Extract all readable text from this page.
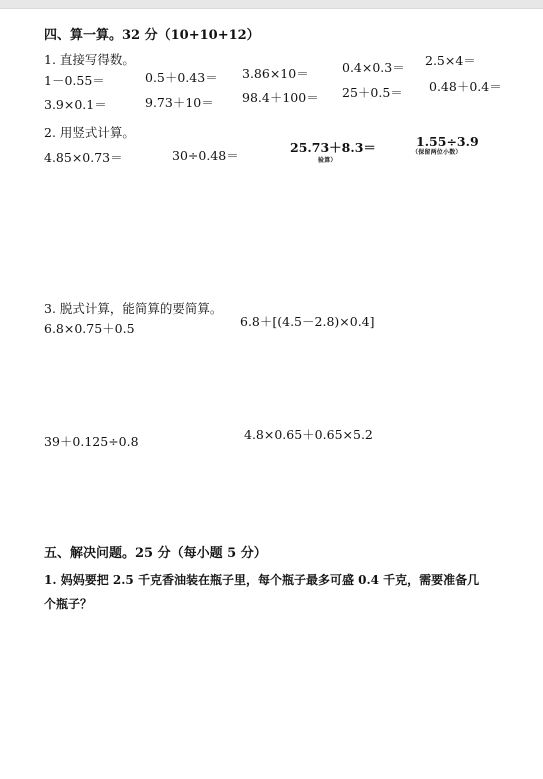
四、算一算。32 分（10+10+12）
1. 直接写得数。
1－0.55＝	0.5＋0.43＝ 3.86×10＝	0.4×0.3＝ 2.5×4＝
3.9×0.1＝	9.73＋10＝ 98.4＋100＝ 25＋0.5＝ 0.48＋0.4＝
2. 用竖式计算。
4.85×0.73＝	30÷0.48＝
25.73＋8.3＝
验算）
1.55÷3.9
（保留两位小数）
3. 脱式计算，能简算的要简算。
6.8×0.75＋0.5	6.8＋[(4.5－2.8)×0.4]
39＋0.125÷0.8	4.8×0.65＋0.65×5.2
五、解决问题。25 分（每小题 5 分）
1. 妈妈要把 2.5 千克香油装在瓶子里，每个瓶子最多可盛 0.4 千克，需要准备几
个瓶子？
